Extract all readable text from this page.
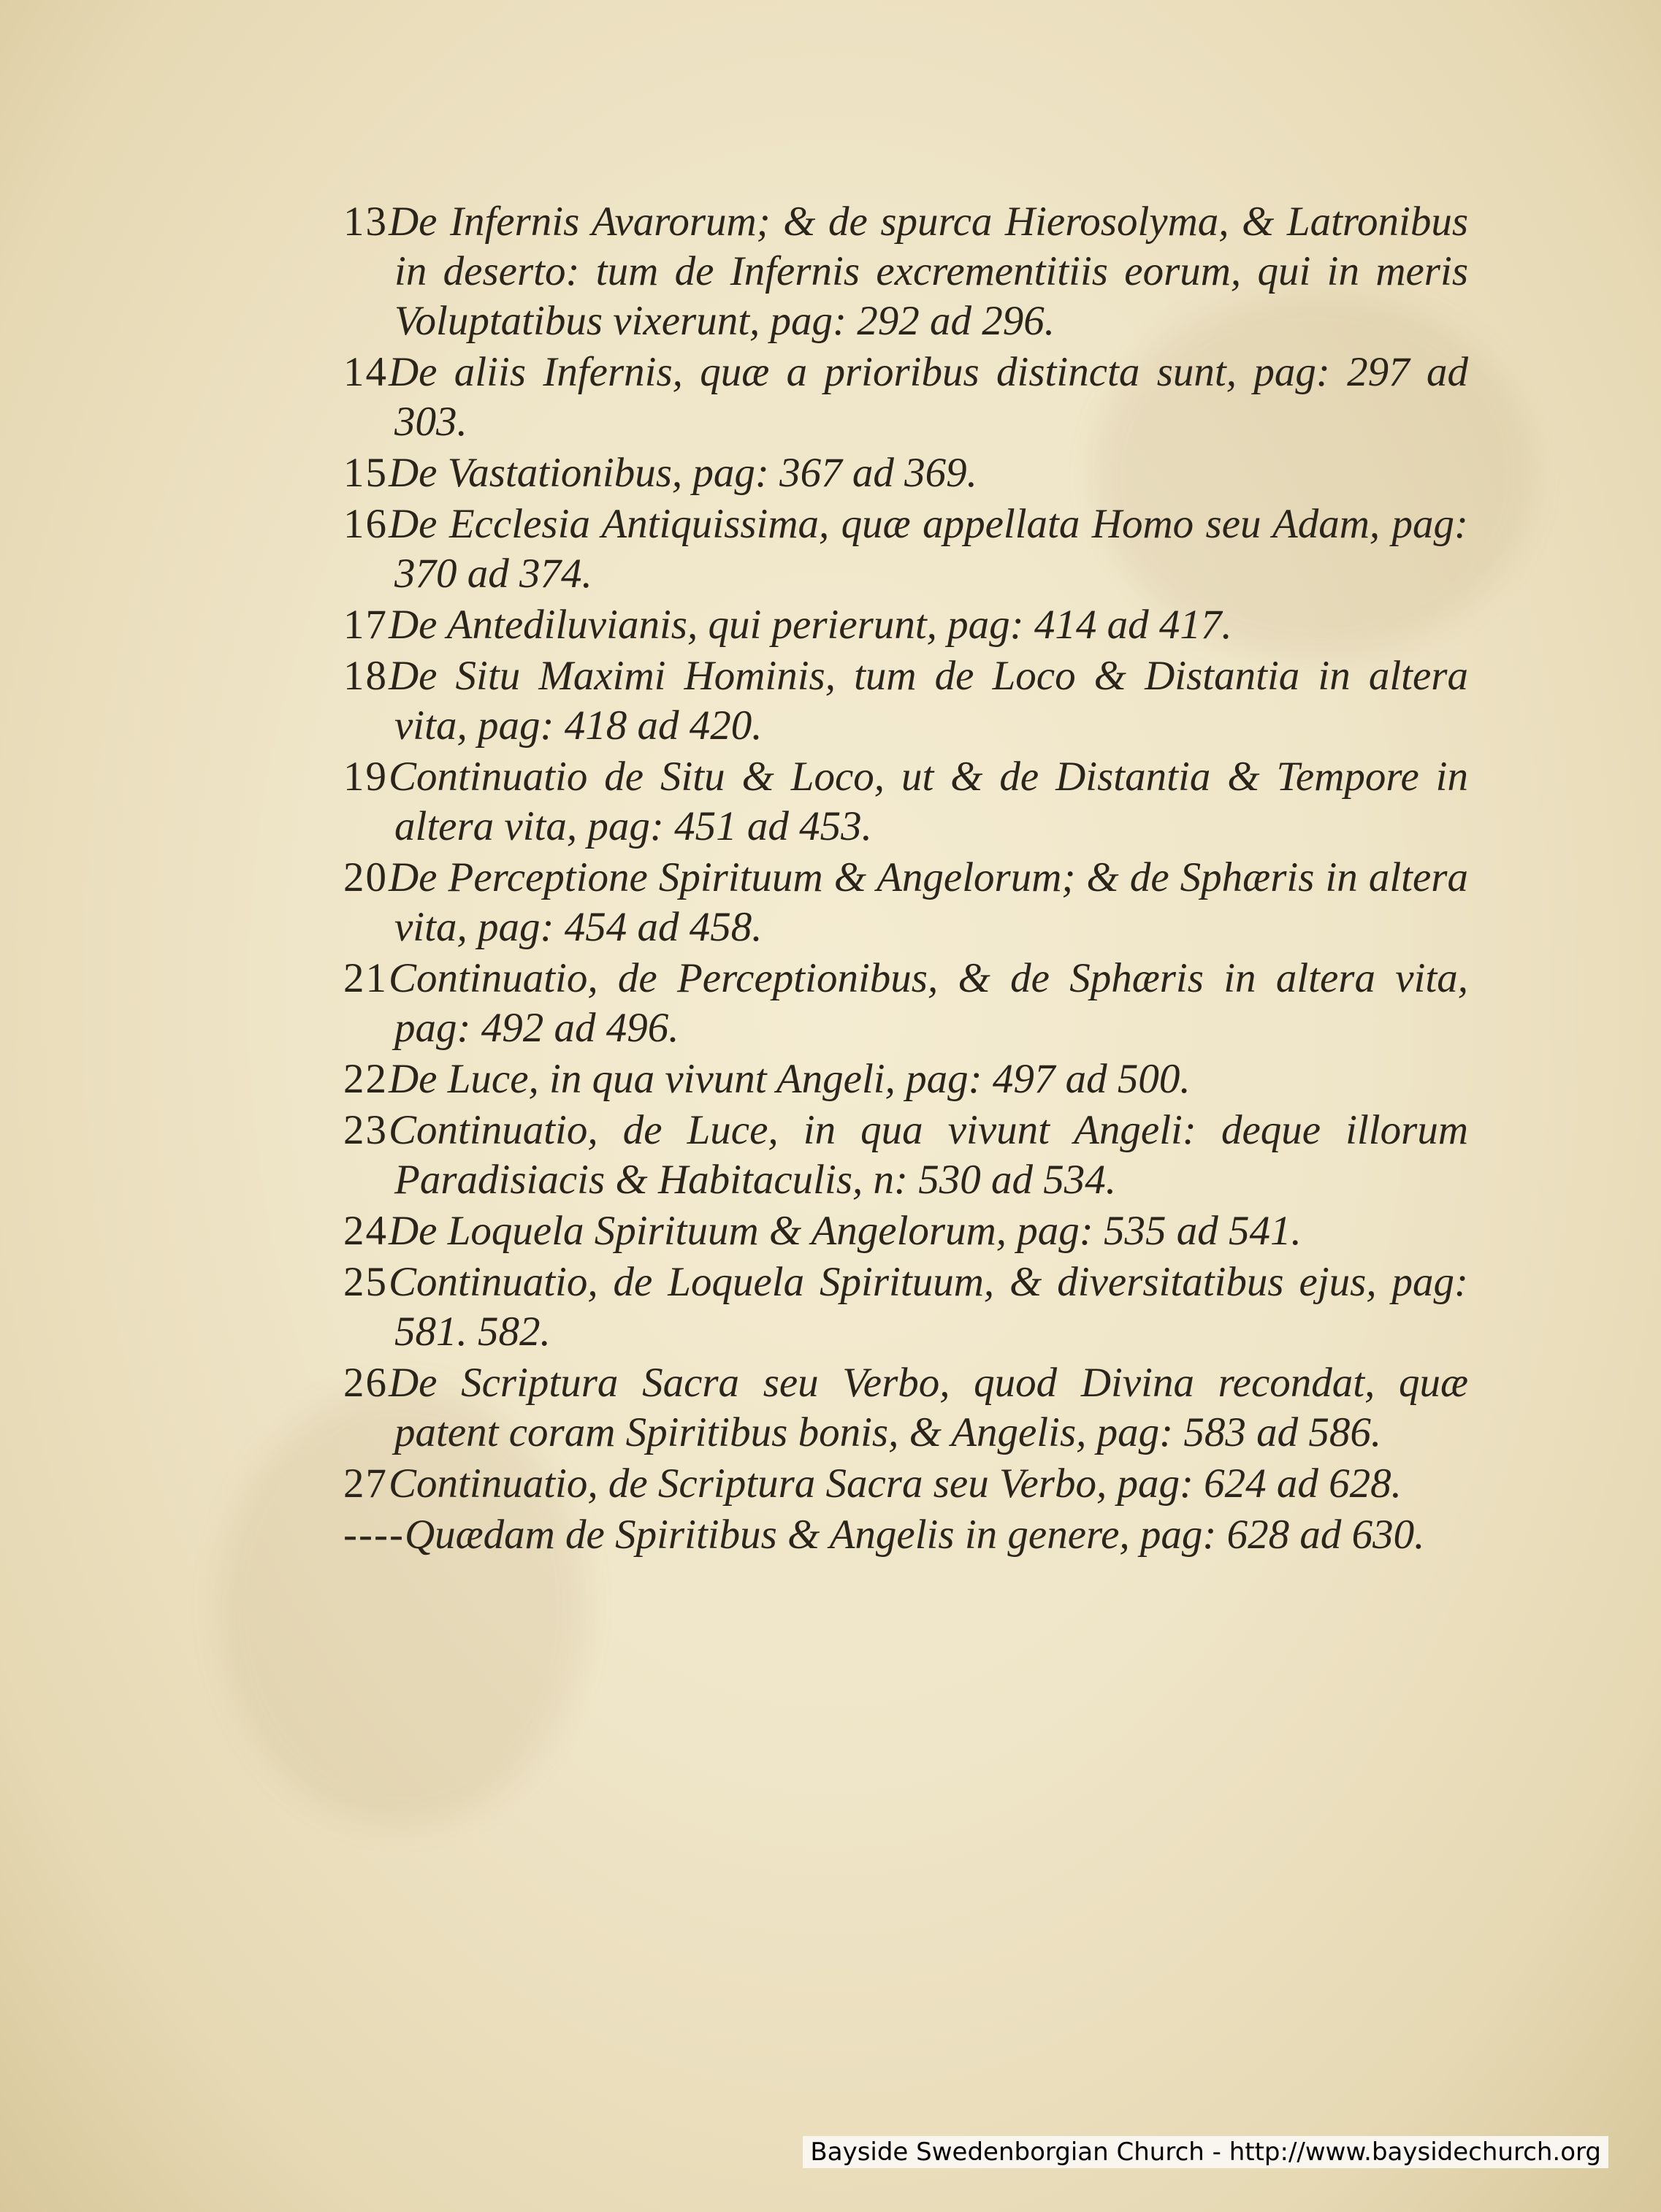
13De Infernis Avarorum; & de spurca Hierosolyma, & Latronibus in deserto: tum de Infernis excrementitiis eorum, qui in meris Voluptatibus vixerunt, pag: 292 ad 296.

14De aliis Infernis, quæ a prioribus distincta sunt, pag: 297 ad 303.

15De Vastationibus, pag: 367 ad 369.

16De Ecclesia Antiquissima, quæ appellata Homo seu Adam, pag: 370 ad 374.

17De Antediluvianis, qui perierunt, pag: 414 ad 417.

18De Situ Maximi Hominis, tum de Loco & Distantia in altera vita, pag: 418 ad 420.

19Continuatio de Situ & Loco, ut & de Distantia & Tempore in altera vita, pag: 451 ad 453.

20De Perceptione Spirituum & Angelorum; & de Sphæris in altera vita, pag: 454 ad 458.

21Continuatio, de Perceptionibus, & de Sphæris in altera vita, pag: 492 ad 496.

22De Luce, in qua vivunt Angeli, pag: 497 ad 500.

23Continuatio, de Luce, in qua vivunt Angeli: deque illorum Paradisiacis & Habitaculis, n: 530 ad 534.

24De Loquela Spirituum & Angelorum, pag: 535 ad 541.

25Continuatio, de Loquela Spirituum, & diversitatibus ejus, pag: 581. 582.

26De Scriptura Sacra seu Verbo, quod Divina recondat, quæ patent coram Spiritibus bonis, & Angelis, pag: 583 ad 586.

27Continuatio, de Scriptura Sacra seu Verbo, pag: 624 ad 628.

----Quædam de Spiritibus & Angelis in genere, pag: 628 ad 630.

Bayside Swedenborgian Church - http://www.baysidechurch.org
